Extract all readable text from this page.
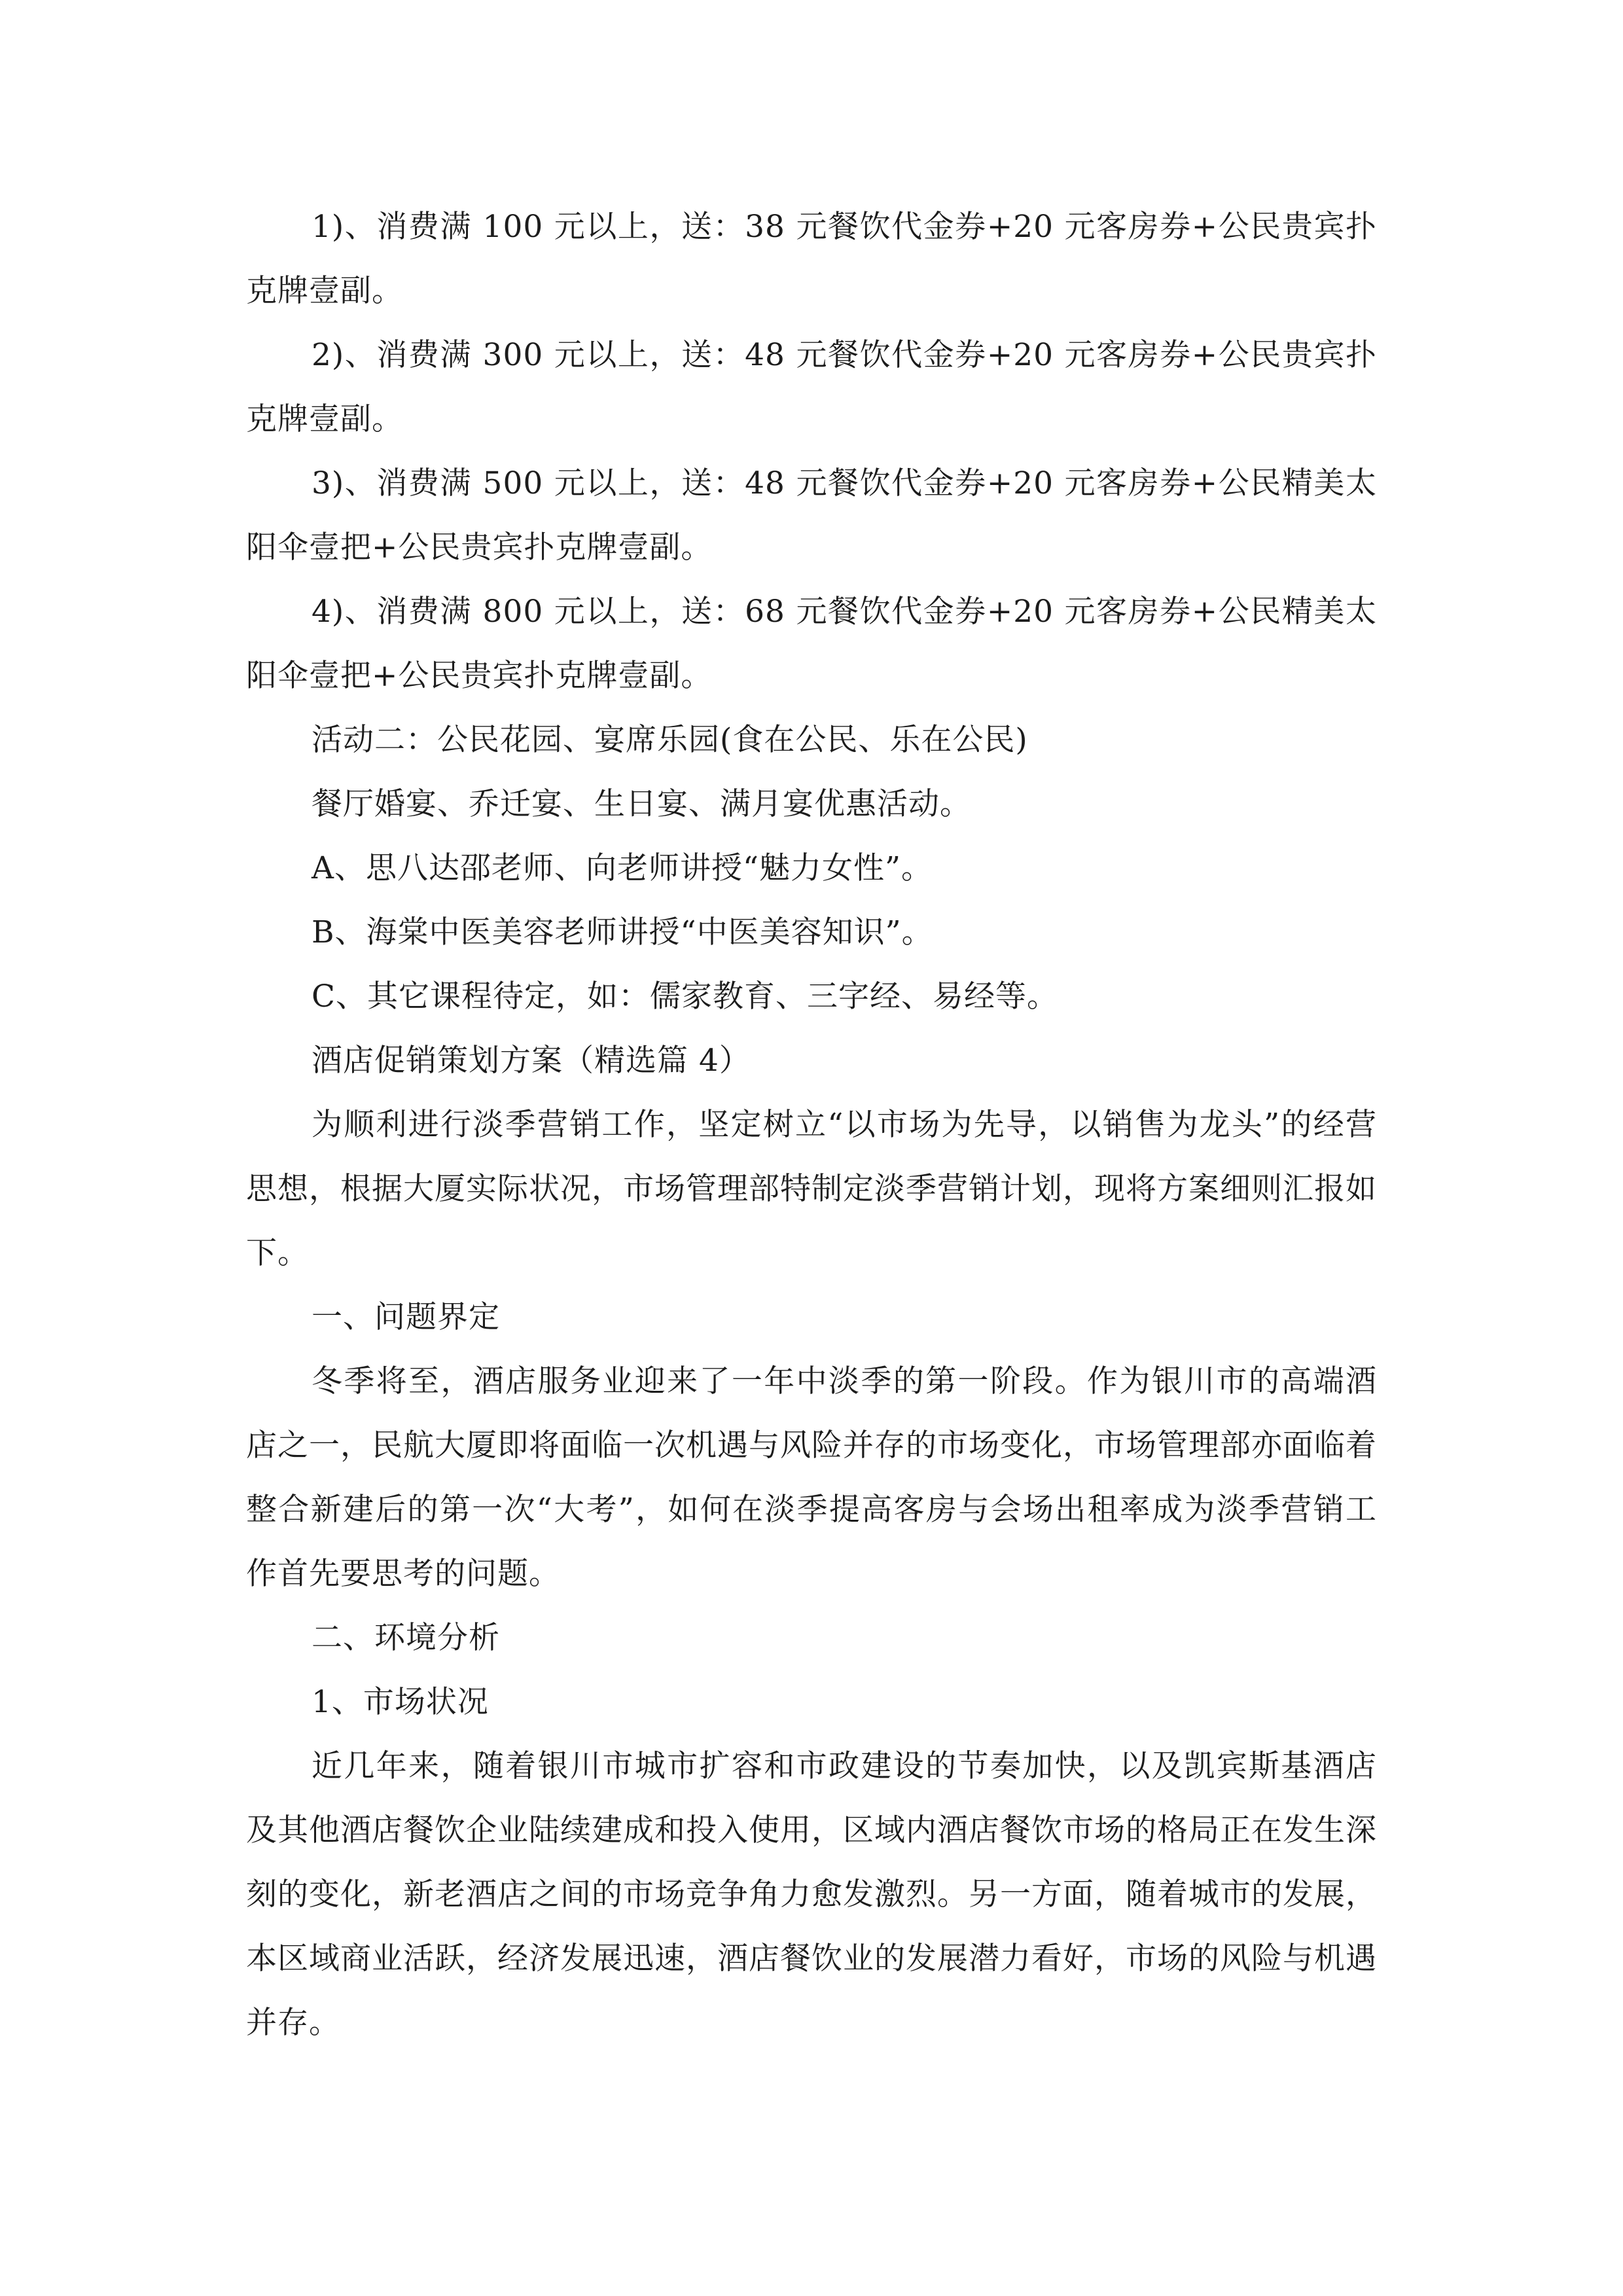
1)、消费满 100 元以上，送：38 元餐饮代金券+20 元客房券+公民贵宾扑克牌壹副。

2)、消费满 300 元以上，送：48 元餐饮代金券+20 元客房券+公民贵宾扑克牌壹副。

3)、消费满 500 元以上，送：48 元餐饮代金券+20 元客房券+公民精美太阳伞壹把+公民贵宾扑克牌壹副。

4)、消费满 800 元以上，送：68 元餐饮代金券+20 元客房券+公民精美太阳伞壹把+公民贵宾扑克牌壹副。

活动二：公民花园、宴席乐园(食在公民、乐在公民)

餐厅婚宴、乔迁宴、生日宴、满月宴优惠活动。

A、思八达邵老师、向老师讲授“魅力女性”。

B、海棠中医美容老师讲授“中医美容知识”。

C、其它课程待定，如：儒家教育、三字经、易经等。

酒店促销策划方案（精选篇 4）

为顺利进行淡季营销工作，坚定树立“以市场为先导，以销售为龙头”的经营思想，根据大厦实际状况，市场管理部特制定淡季营销计划，现将方案细则汇报如下。

一、问题界定

冬季将至，酒店服务业迎来了一年中淡季的第一阶段。作为银川市的高端酒店之一，民航大厦即将面临一次机遇与风险并存的市场变化，市场管理部亦面临着整合新建后的第一次“大考”，如何在淡季提高客房与会场出租率成为淡季营销工作首先要思考的问题。

二、环境分析

1、市场状况

近几年来，随着银川市城市扩容和市政建设的节奏加快，以及凯宾斯基酒店及其他酒店餐饮企业陆续建成和投入使用，区域内酒店餐饮市场的格局正在发生深刻的变化，新老酒店之间的市场竞争角力愈发激烈。另一方面，随着城市的发展，本区域商业活跃，经济发展迅速，酒店餐饮业的发展潜力看好，市场的风险与机遇并存。
